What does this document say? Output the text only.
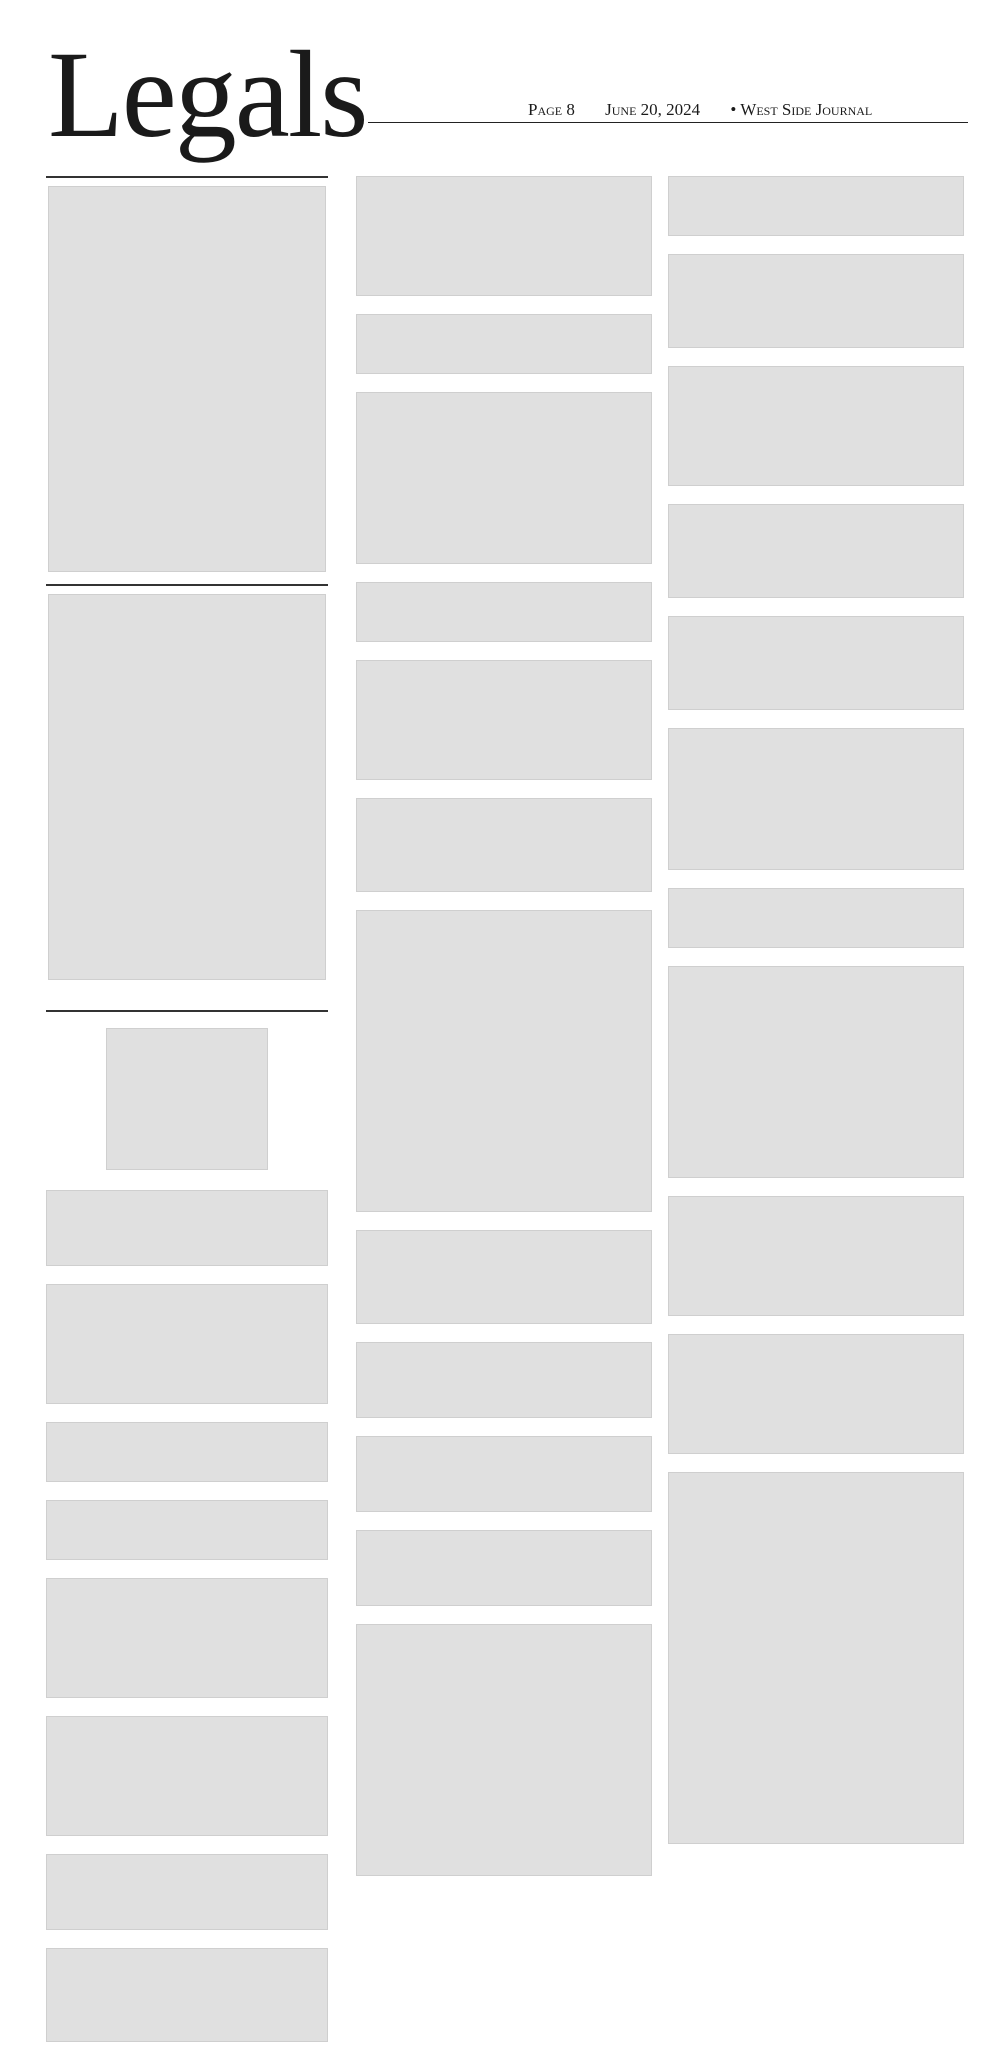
Legals	Page 8 June 20, 2024 • West Side Journal
